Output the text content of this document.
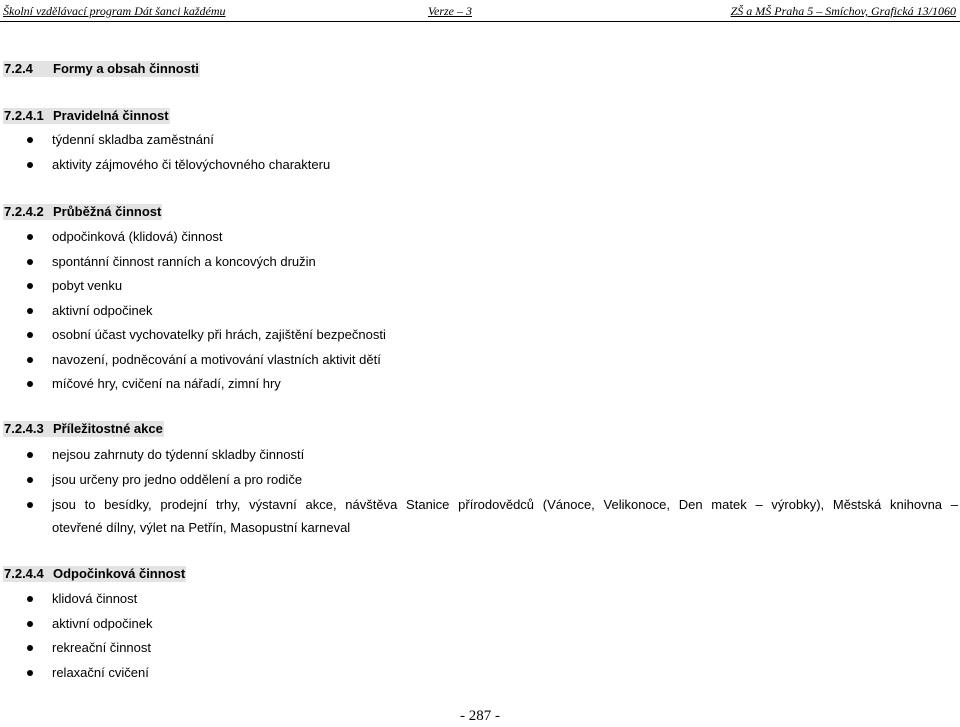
Školní vzdělávací program Dát šanci každému	Verze – 3	ZŠ a MŠ Praha 5 – Smíchov, Grafická 13/1060
7.2.4 Formy a obsah činnosti
7.2.4.1 Pravidelná činnost
týdenní skladba zaměstnání
aktivity zájmového či tělovýchovného charakteru
7.2.4.2 Průběžná činnost
odpočinková (klidová) činnost
spontánní činnost ranních a koncových družin
pobyt venku
aktivní odpočinek
osobní účast vychovatelky při hrách, zajištění bezpečnosti
navození, podněcování a motivování vlastních aktivit dětí
míčové hry, cvičení na nářadí, zimní hry
7.2.4.3 Příležitostné akce
nejsou zahrnuty do týdenní skladby činností
jsou určeny pro jedno oddělení a pro rodiče
jsou to besídky, prodejní trhy, výstavní akce, návštěva Stanice přírodovědců (Vánoce, Velikonoce, Den matek – výrobky), Městská knihovna –
otevřené dílny, výlet na Petřín, Masopustní karneval
7.2.4.4 Odpočinková činnost
klidová činnost
aktivní odpočinek
rekreační činnost
relaxační cvičení
- 287 -
